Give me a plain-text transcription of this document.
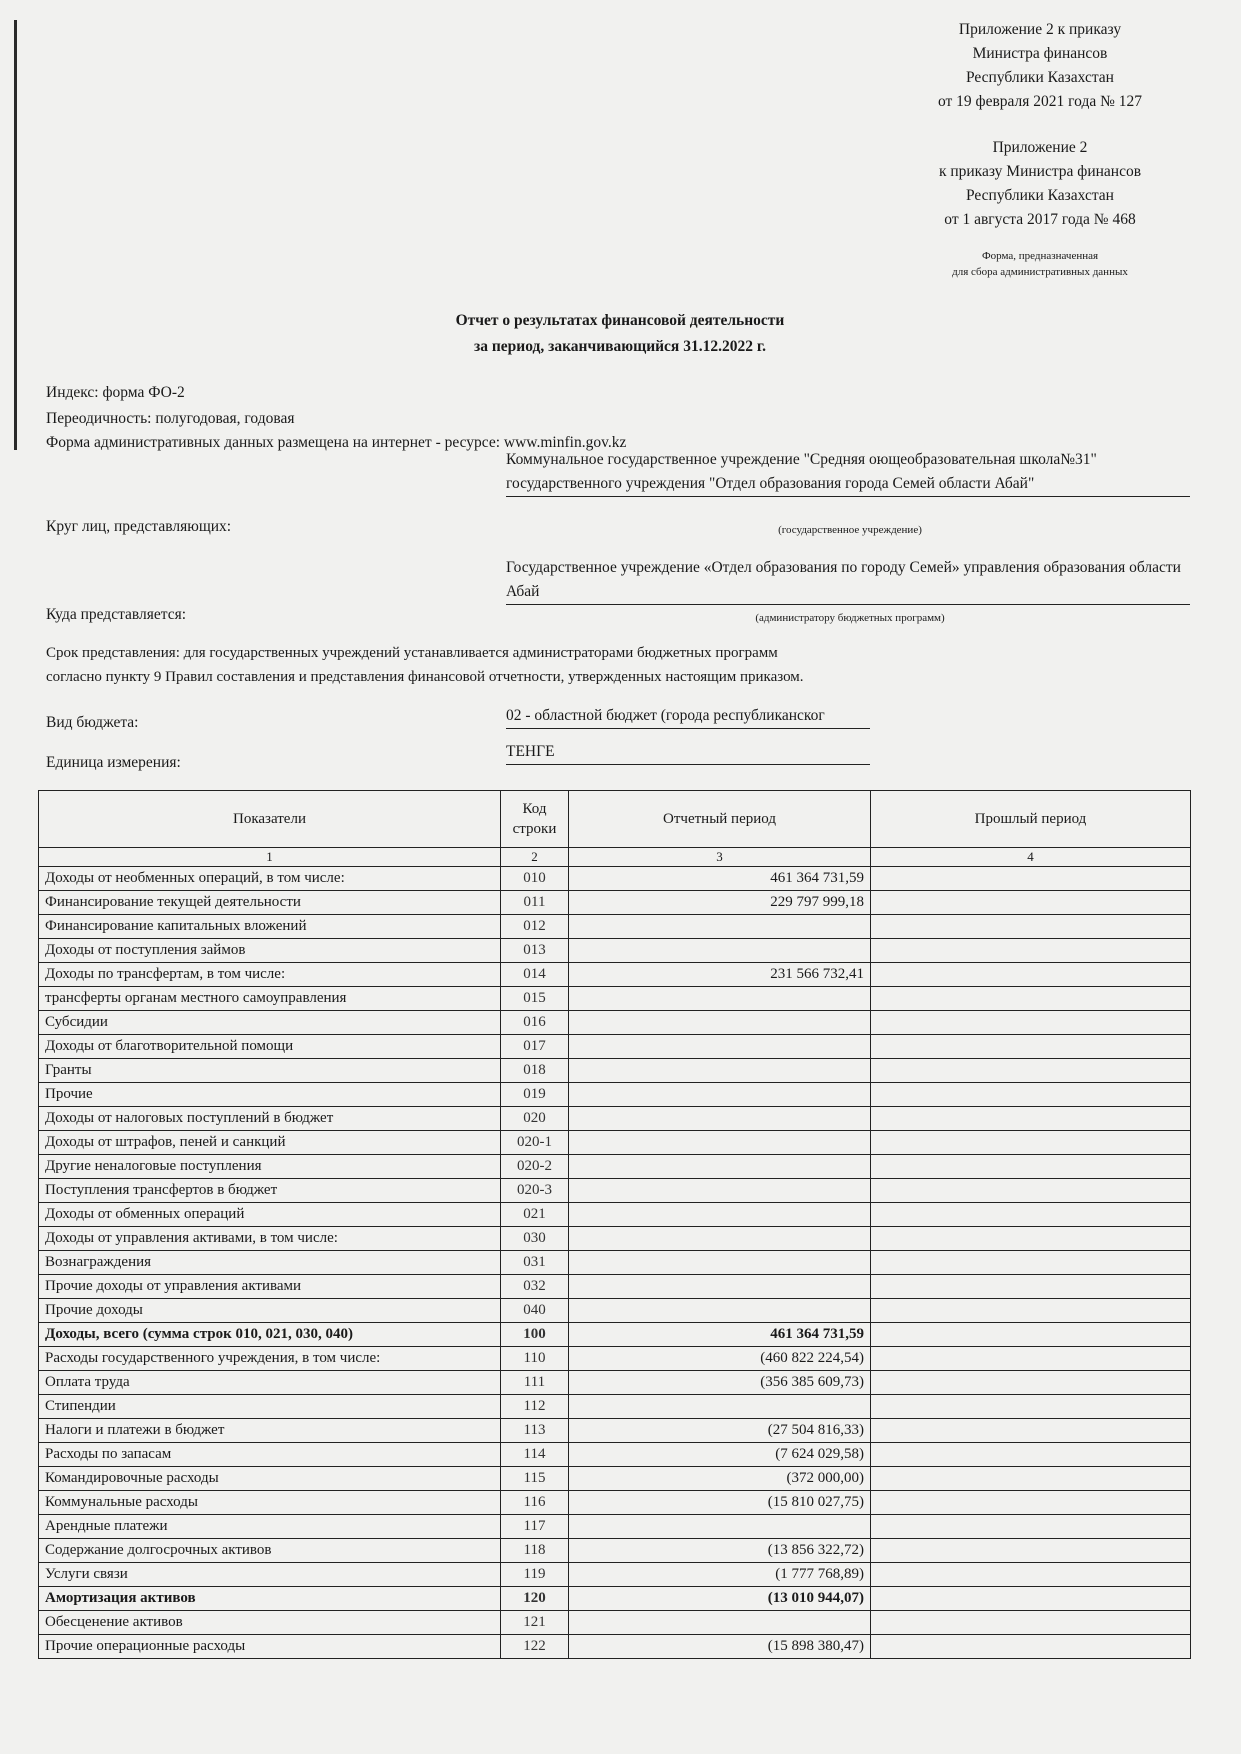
Приложение 2 к приказу
Министра финансов
Республики Казахстан
от 19 февраля 2021 года № 127
Приложение 2
к приказу Министра финансов
Республики Казахстан
от 1 августа 2017 года № 468
Форма, предназначенная
для сбора административных данных
Отчет о результатах финансовой деятельности
за период, заканчивающийся 31.12.2022 г.
Индекс: форма ФО-2
Переодичность: полугодовая, годовая
Форма административных данных размещена на интернет - ресурсе: www.minfin.gov.kz
Круг лиц, представляющих:
Коммунальное государственное учреждение "Средняя оющеобразовательная школа№31" государственного учреждения "Отдел образования города Семей области Абай"
(государственное учреждение)
Куда представляется:
Государственное учреждение «Отдел образования по городу Семей» управления образования области Абай
(администратору бюджетных программ)
Срок представления: для государственных учреждений устанавливается администраторами бюджетных программ
согласно пункту 9 Правил составления и представления финансовой отчетности, утвержденных настоящим приказом.
Вид бюджета:	02 - областной бюджет (города республиканског
Единица измерения:
ТЕНГЕ
Показатели	Код строки	Отчетный период	Прошлый период
1	2	3	4
Доходы от необменных операций, в том числе:	010	461 364 731,59	
Финансирование текущей деятельности	011	229 797 999,18	
Финансирование капитальных вложений	012		
Доходы от поступления займов	013		
Доходы по трансфертам, в том числе:	014	231 566 732,41	
трансферты органам местного самоуправления	015		
Субсидии	016		
Доходы от благотворительной помощи	017		
Гранты	018		
Прочие	019		
Доходы от налоговых поступлений в бюджет	020		
Доходы от штрафов, пеней и санкций	020-1		
Другие неналоговые поступления	020-2		
Поступления трансфертов в бюджет	020-3		
Доходы от обменных операций	021		
Доходы от управления активами, в том числе:	030		
Вознаграждения	031		
Прочие доходы от управления активами	032		
Прочие доходы	040		
Доходы, всего (сумма строк 010, 021, 030, 040)	100	461 364 731,59	
Расходы государственного учреждения, в том числе:	110	(460 822 224,54)	
Оплата труда	111	(356 385 609,73)	
Стипендии	112		
Налоги и платежи в бюджет	113	(27 504 816,33)	
Расходы по запасам	114	(7 624 029,58)	
Командировочные расходы	115	(372 000,00)	
Коммунальные расходы	116	(15 810 027,75)	
Арендные платежи	117		
Содержание долгосрочных активов	118	(13 856 322,72)	
Услуги связи	119	(1 777 768,89)	
Амортизация активов	120	(13 010 944,07)	
Обесценение активов	121		
Прочие операционные расходы	122	(15 898 380,47)	
